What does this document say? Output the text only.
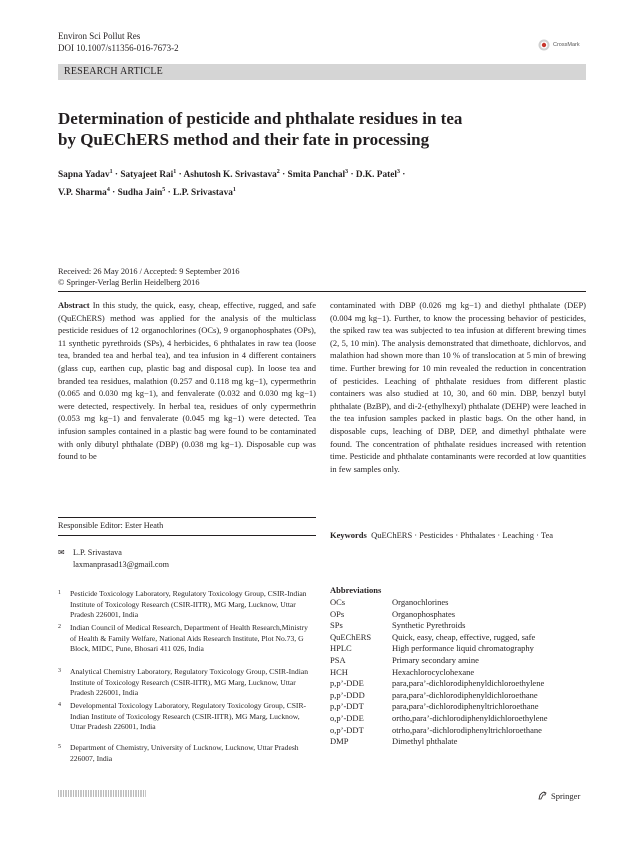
Environ Sci Pollut Res
DOI 10.1007/s11356-016-7673-2	CrossMark
RESEARCH ARTICLE
Determination of pesticide and phthalate residues in tea
by QuEChERS method and their fate in processing
Sapna Yadav$^1$ · Satyajeet Rai$^1$ · Ashutosh K. Srivastava$^2$ · Smita Panchal$^3$ · D.K. Patel$^3$ ·
V.P. Sharma$^4$ · Sudha Jain$^5$ · L.P. Srivastava$^1$
Received: 26 May 2016 / Accepted: 9 September 2016
© Springer-Verlag Berlin Heidelberg 2016
Abstract In this study, the quick, easy, cheap, effective, rugged, and safe (QuEChERS) method was applied for the analysis of the multiclass pesticide residues of 12 organochlorines (OCs), 9 organophosphates (OPs), 11 synthetic pyrethroids (SPs), 4 herbicides, 6 phthalates in raw tea (loose tea, branded tea and herbal tea), and tea infusion in 4 different containers (glass cup, earthen cup, plastic bag and disposal cup). In loose tea and branded tea residues, malathion (0.257 and 0.118 mg kg−1), cypermethrin (0.065 and 0.030 mg kg−1), and fenvalerate (0.032 and 0.030 mg kg−1) were detected, respectively. In herbal tea, residues of only cypermethrin (0.053 mg kg−1) and fenvalerate (0.045 mg kg−1) were detected. Tea infusion samples contained in a plastic bag were found to be contaminated with only dibutyl phthalate (DBP) (0.038 mg kg−1). Disposable cup was found to be
contaminated with DBP (0.026 mg kg−1) and diethyl phthalate (DEP) (0.004 mg kg−1). Further, to know the processing behavior of pesticides, the spiked raw tea was subjected to tea infusion at different brewing times (2, 5, 10 min). The analysis demonstrated that dimethoate, dichlorvos, and malathion had shown more than 10 % of translocation at 5 min of brewing time. Further brewing for 10 min revealed the reduction in concentration of pesticides. Leaching of phthalate residues from different plastic containers was also studied at 10, 30, and 60 min. DBP, benzyl butyl phthalate (BzBP), and di-2-(ethylhexyl) phthalate (DEHP) were leached in the tea infusion samples packed in plastic bags. On the other hand, in disposable cups, leaching of DBP, DEP, and dimethyl phthalate were found. The concentration of phthalate residues increased with retention time. Pesticide and phthalate contaminants were recorded at low quantities in few samples only.
Responsible Editor: Ester Heath
✉ L.P. Srivastava
laxmanprasad13@gmail.com
1 Pesticide Toxicology Laboratory, Regulatory Toxicology Group, CSIR-Indian Institute of Toxicology Research (CSIR-IITR), MG Marg, Lucknow, Uttar Pradesh 226001, India
2 Indian Council of Medical Research, Department of Health Research,Ministry of Health & Family Welfare, National Aids Research Institute, Plot No.73, G Block, MIDC, Pune, Bhosari 411 026, India
3 Analytical Chemistry Laboratory, Regulatory Toxicology Group, CSIR-Indian Institute of Toxicology Research (CSIR-IITR), MG Marg, Lucknow, Uttar Pradesh 226001, India
4 Developmental Toxicology Laboratory, Regulatory Toxicology Group, CSIR-Indian Institute of Toxicology Research (CSIR-IITR), MG Marg, Lucknow, Uttar Pradesh 226001, India
5 Department of Chemistry, University of Lucknow, Lucknow, Uttar Pradesh 226007, India
Keywords QuEChERS · Pesticides · Phthalates · Leaching · Tea
Abbreviations
OCs	Organochlorines
OPs	Organophosphates
SPs	Synthetic Pyrethroids
QuEChERS	Quick, easy, cheap, effective, rugged, safe
HPLC	High performance liquid chromatography
PSA	Primary secondary amine
HCH	Hexachlorocyclohexane
p,p’-DDE	para,para’-dichlorodiphenyldichloroethylene
p,p’-DDD	para,para’-dichlorodiphenyldichloroethane
p,p’-DDT	para,para’-dichlorodiphenyltrichloroethane
o,p’-DDE	ortho,para’-dichlorodiphenyldichloroethylene
o,p’-DDT	otrho,para’-dichlorodiphenyltrichloroethane
DMP	Dimethyl phthalate
Springer
